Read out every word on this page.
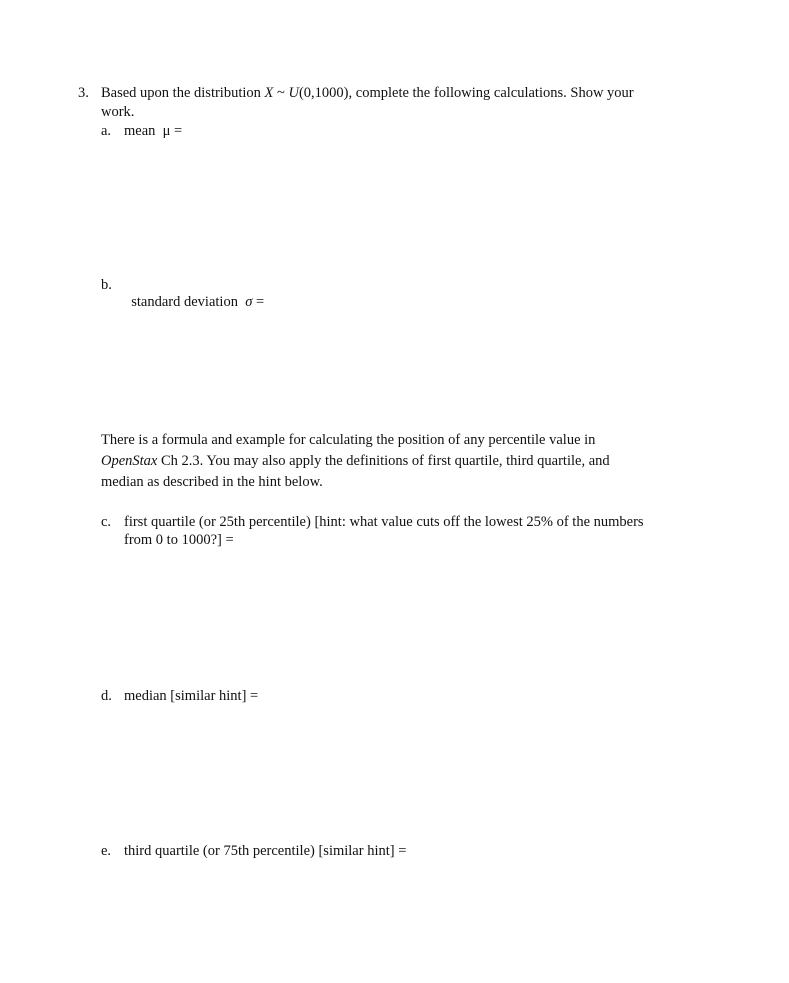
3. Based upon the distribution X ~ U(0,1000), complete the following calculations. Show your
work.
a. mean  μ =
b.

standard deviation  σ =

There is a formula and example for calculating the position of any percentile value in
OpenStax Ch 2.3. You may also apply the definitions of first quartile, third quartile, and
median as described in the hint below.
c. first quartile (or 25th percentile) [hint: what value cuts off the lowest 25% of the numbers
from 0 to 1000?] =
d. median [similar hint] =
e. third quartile (or 75th percentile) [similar hint] =
